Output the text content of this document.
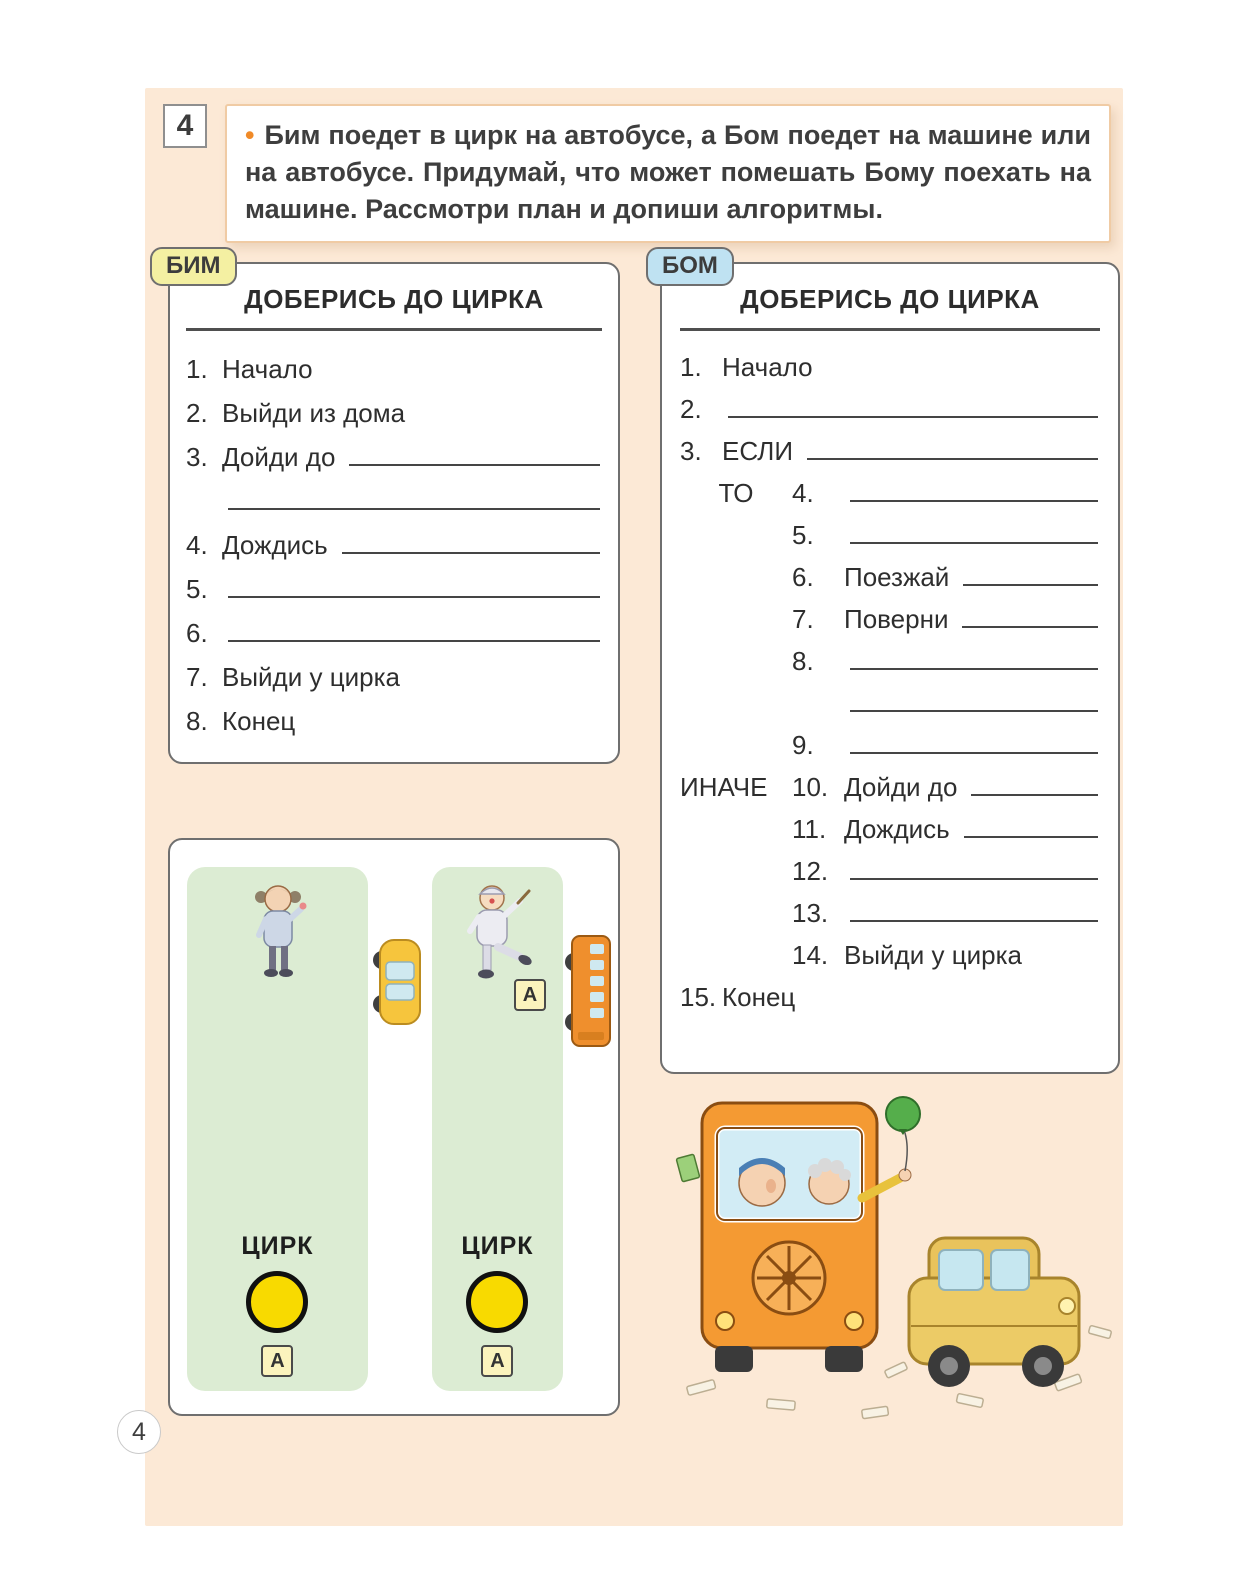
4	• Бим поедет в цирк на автобусе, а Бом поедет на машине или на автобусе. Придумай, что может помешать Бому поехать на машине. Рассмотри план и допиши алгоритмы.

БИМ
ДОБЕРИСЬ ДО ЦИРКА
1. Начало
2. Выйди из дома
3. Дойди до
4. Дождись
5.
6.
7. Выйди у цирка
8. Конец
БОМ
ДОБЕРИСЬ ДО ЦИРКА
1. Начало
2.
3. ЕСЛИ
ТО	4.
5.
6.	Поезжай
7.	Поверни
8.
9.
ИНАЧЕ 10. Дойди до
11. Дождись
12.
13.
14. Выйди у цирка
15. Конец
ЦИРК
А
ЦИРК
А
А
4
